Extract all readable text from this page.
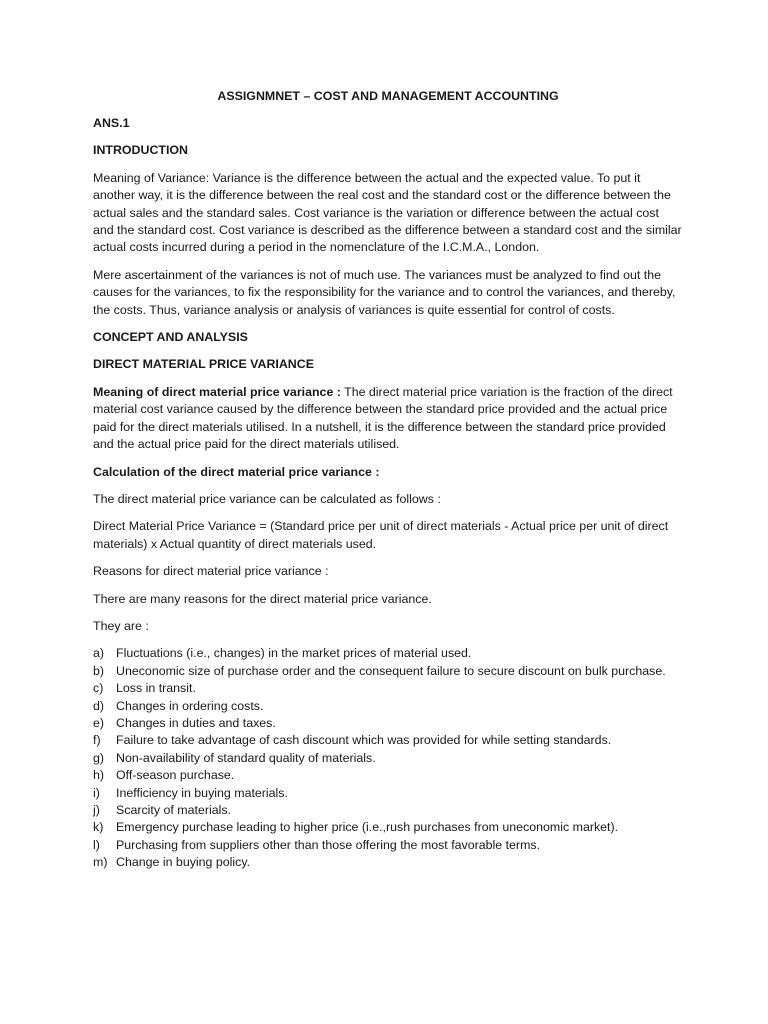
ASSIGNMNET – COST AND MANAGEMENT ACCOUNTING
ANS.1
INTRODUCTION

Meaning of Variance: Variance is the difference between the actual and the expected value. To put it another way, it is the difference between the real cost and the standard cost or the difference between the actual sales and the standard sales. Cost variance is the variation or difference between the actual cost and the standard cost. Cost variance is described as the difference between a standard cost and the similar actual costs incurred during a period in the nomenclature of the I.C.M.A., London.

Mere ascertainment of the variances is not of much use. The variances must be analyzed to find out the causes for the variances, to fix the responsibility for the variance and to control the variances, and thereby, the costs. Thus, variance analysis or analysis of variances is quite essential for control of costs.

CONCEPT AND ANALYSIS
DIRECT MATERIAL PRICE VARIANCE

Meaning of direct material price variance : The direct material price variation is the fraction of the direct material cost variance caused by the difference between the standard price provided and the actual price paid for the direct materials utilised. In a nutshell, it is the difference between the standard price provided and the actual price paid for the direct materials utilised.

Calculation of the direct material price variance :

The direct material price variance can be calculated as follows :

Direct Material Price Variance = (Standard price per unit of direct materials - Actual price per unit of direct materials) x Actual quantity of direct materials used.

Reasons for direct material price variance :

There are many reasons for the direct material price variance.

They are :

a) Fluctuations (i.e., changes) in the market prices of material used.
b) Uneconomic size of purchase order and the consequent failure to secure discount on bulk purchase.
c) Loss in transit.
d) Changes in ordering costs.
e) Changes in duties and taxes.
f) Failure to take advantage of cash discount which was provided for while setting standards.
g) Non-availability of standard quality of materials.
h) Off-season purchase.
i) Inefficiency in buying materials.
j) Scarcity of materials.
k) Emergency purchase leading to higher price (i.e.,rush purchases from uneconomic market).
l) Purchasing from suppliers other than those offering the most favorable terms.
m) Change in buying policy.
